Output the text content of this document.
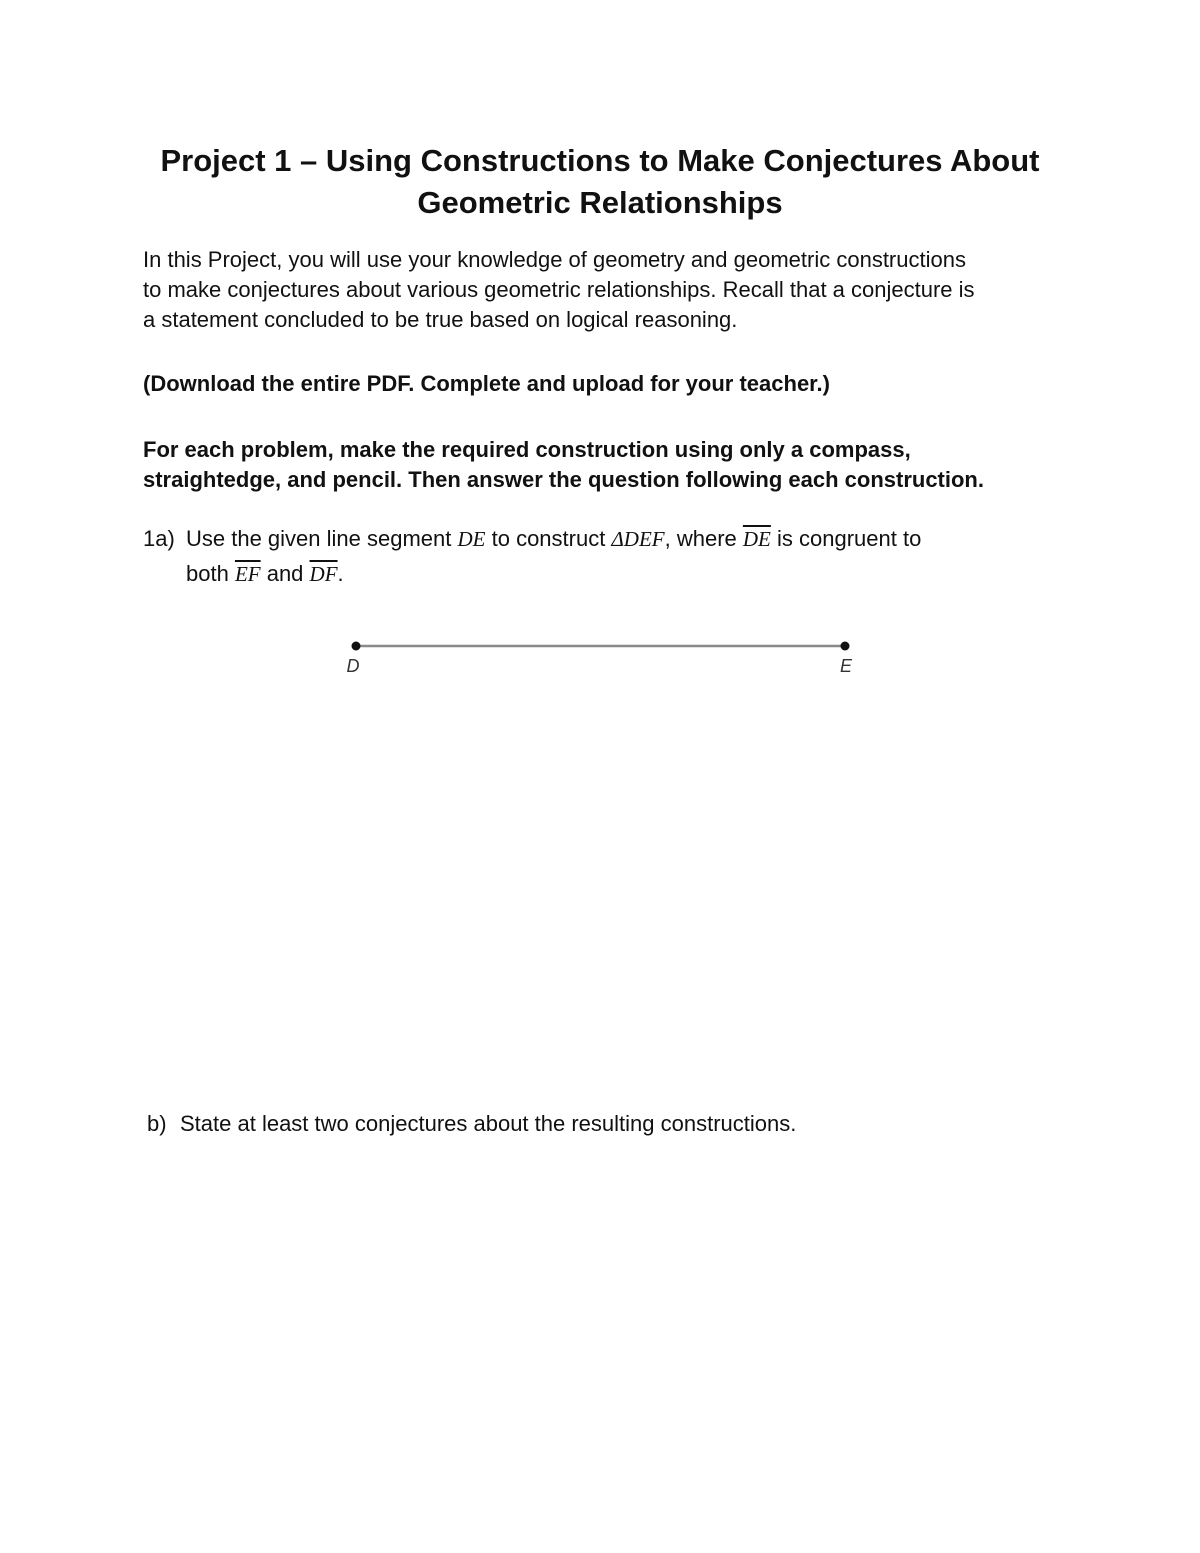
Project 1 – Using Constructions to Make Conjectures About
Geometric Relationships

In this Project, you will use your knowledge of geometry and geometric constructions
to make conjectures about various geometric relationships. Recall that a conjecture is
a statement concluded to be true based on logical reasoning.

(Download the entire PDF. Complete and upload for your teacher.)

For each problem, make the required construction using only a compass,
straightedge, and pencil. Then answer the question following each construction.

1a) Use the given line segment DE to construct ΔDEF, where $\overline{DE}$ is congruent to
both $\overline{EF}$ and $\overline{DF}$.
D	E
b) State at least two conjectures about the resulting constructions.
